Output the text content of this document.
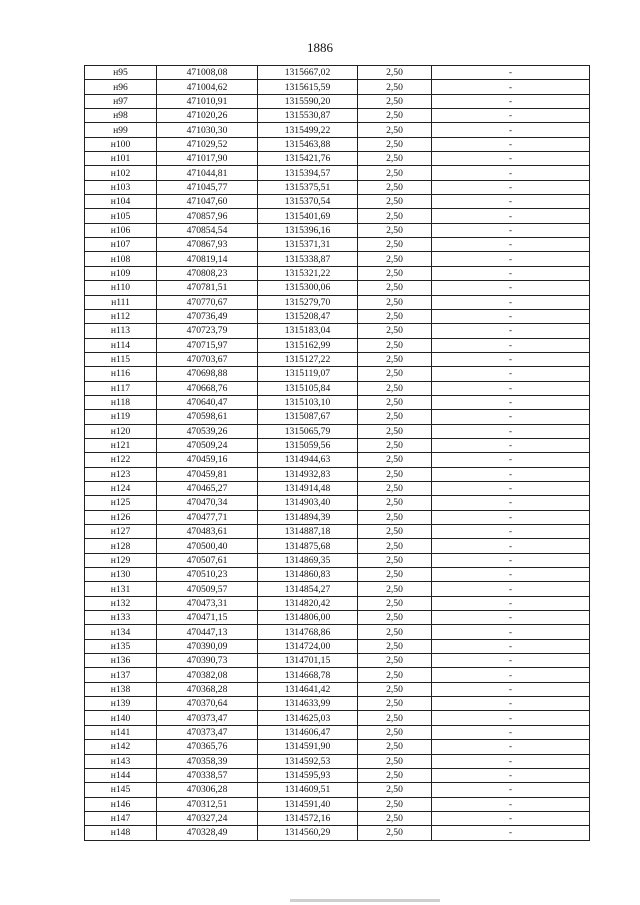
1886
н95	471008,08	1315667,02	2,50	-
н96	471004,62	1315615,59	2,50	-
н97	471010,91	1315590,20	2,50	-
н98	471020,26	1315530,87	2,50	-
н99	471030,30	1315499,22	2,50	-
н100	471029,52	1315463,88	2,50	-
н101	471017,90	1315421,76	2,50	-
н102	471044,81	1315394,57	2,50	-
н103	471045,77	1315375,51	2,50	-
н104	471047,60	1315370,54	2,50	-
н105	470857,96	1315401,69	2,50	-
н106	470854,54	1315396,16	2,50	-
н107	470867,93	1315371,31	2,50	-
н108	470819,14	1315338,87	2,50	-
н109	470808,23	1315321,22	2,50	-
н110	470781,51	1315300,06	2,50	-
н111	470770,67	1315279,70	2,50	-
н112	470736,49	1315208,47	2,50	-
н113	470723,79	1315183,04	2,50	-
н114	470715,97	1315162,99	2,50	-
н115	470703,67	1315127,22	2,50	-
н116	470698,88	1315119,07	2,50	-
н117	470668,76	1315105,84	2,50	-
н118	470640,47	1315103,10	2,50	-
н119	470598,61	1315087,67	2,50	-
н120	470539,26	1315065,79	2,50	-
н121	470509,24	1315059,56	2,50	-
н122	470459,16	1314944,63	2,50	-
н123	470459,81	1314932,83	2,50	-
н124	470465,27	1314914,48	2,50	-
н125	470470,34	1314903,40	2,50	-
н126	470477,71	1314894,39	2,50	-
н127	470483,61	1314887,18	2,50	-
н128	470500,40	1314875,68	2,50	-
н129	470507,61	1314869,35	2,50	-
н130	470510,23	1314860,83	2,50	-
н131	470509,57	1314854,27	2,50	-
н132	470473,31	1314820,42	2,50	-
н133	470471,15	1314806,00	2,50	-
н134	470447,13	1314768,86	2,50	-
н135	470390,09	1314724,00	2,50	-
н136	470390,73	1314701,15	2,50	-
н137	470382,08	1314668,78	2,50	-
н138	470368,28	1314641,42	2,50	-
н139	470370,64	1314633,99	2,50	-
н140	470373,47	1314625,03	2,50	-
н141	470373,47	1314606,47	2,50	-
н142	470365,76	1314591,90	2,50	-
н143	470358,39	1314592,53	2,50	-
н144	470338,57	1314595,93	2,50	-
н145	470306,28	1314609,51	2,50	-
н146	470312,51	1314591,40	2,50	-
н147	470327,24	1314572,16	2,50	-
н148	470328,49	1314560,29	2,50	-
